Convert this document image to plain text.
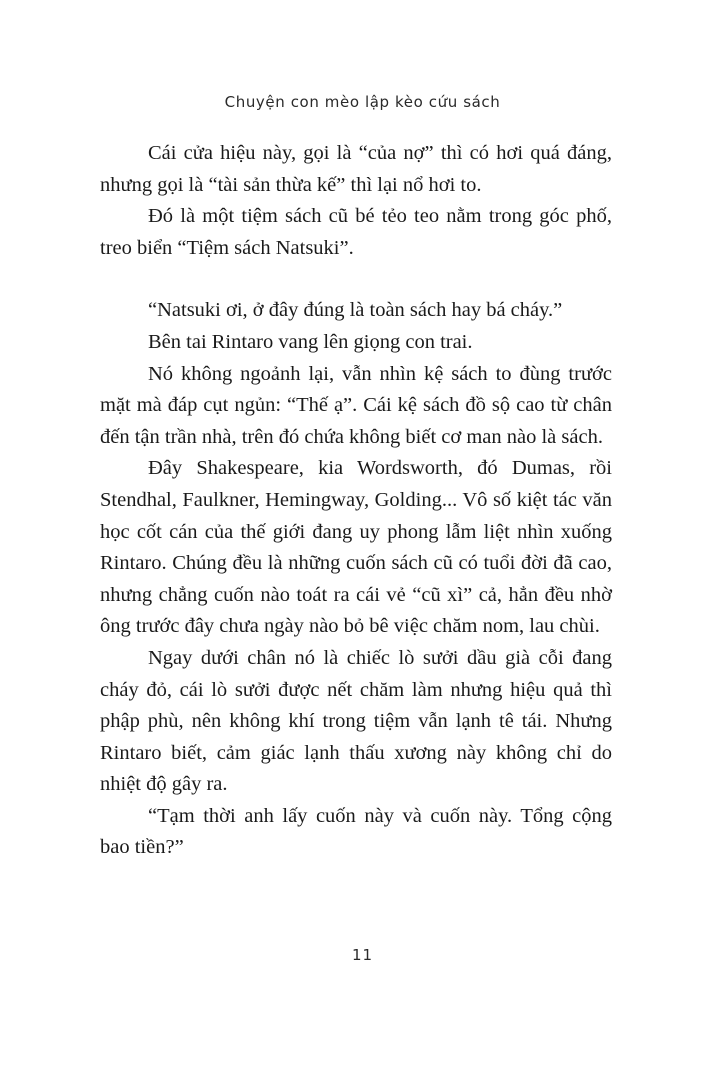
Chuyện con mèo lập kèo cứu sách

Cái cửa hiệu này, gọi là “của nợ” thì có hơi quá đáng, nhưng gọi là “tài sản thừa kế” thì lại nổ hơi to.

Đó là một tiệm sách cũ bé tẻo teo nằm trong góc phố, treo biển “Tiệm sách Natsuki”.

“Natsuki ơi, ở đây đúng là toàn sách hay bá cháy.”

Bên tai Rintaro vang lên giọng con trai.

Nó không ngoảnh lại, vẫn nhìn kệ sách to đùng trước mặt mà đáp cụt ngủn: “Thế ạ”. Cái kệ sách đồ sộ cao từ chân đến tận trần nhà, trên đó chứa không biết cơ man nào là sách.

Đây Shakespeare, kia Wordsworth, đó Dumas, rồi Stendhal, Faulkner, Hemingway, Golding... Vô số kiệt tác văn học cốt cán của thế giới đang uy phong lẫm liệt nhìn xuống Rintaro. Chúng đều là những cuốn sách cũ có tuổi đời đã cao, nhưng chẳng cuốn nào toát ra cái vẻ “cũ xì” cả, hẳn đều nhờ ông trước đây chưa ngày nào bỏ bê việc chăm nom, lau chùi.

Ngay dưới chân nó là chiếc lò sưởi dầu già cỗi đang cháy đỏ, cái lò sưởi được nết chăm làm nhưng hiệu quả thì phập phù, nên không khí trong tiệm vẫn lạnh tê tái. Nhưng Rintaro biết, cảm giác lạnh thấu xương này không chỉ do nhiệt độ gây ra.

“Tạm thời anh lấy cuốn này và cuốn này. Tổng cộng bao tiền?”

11
